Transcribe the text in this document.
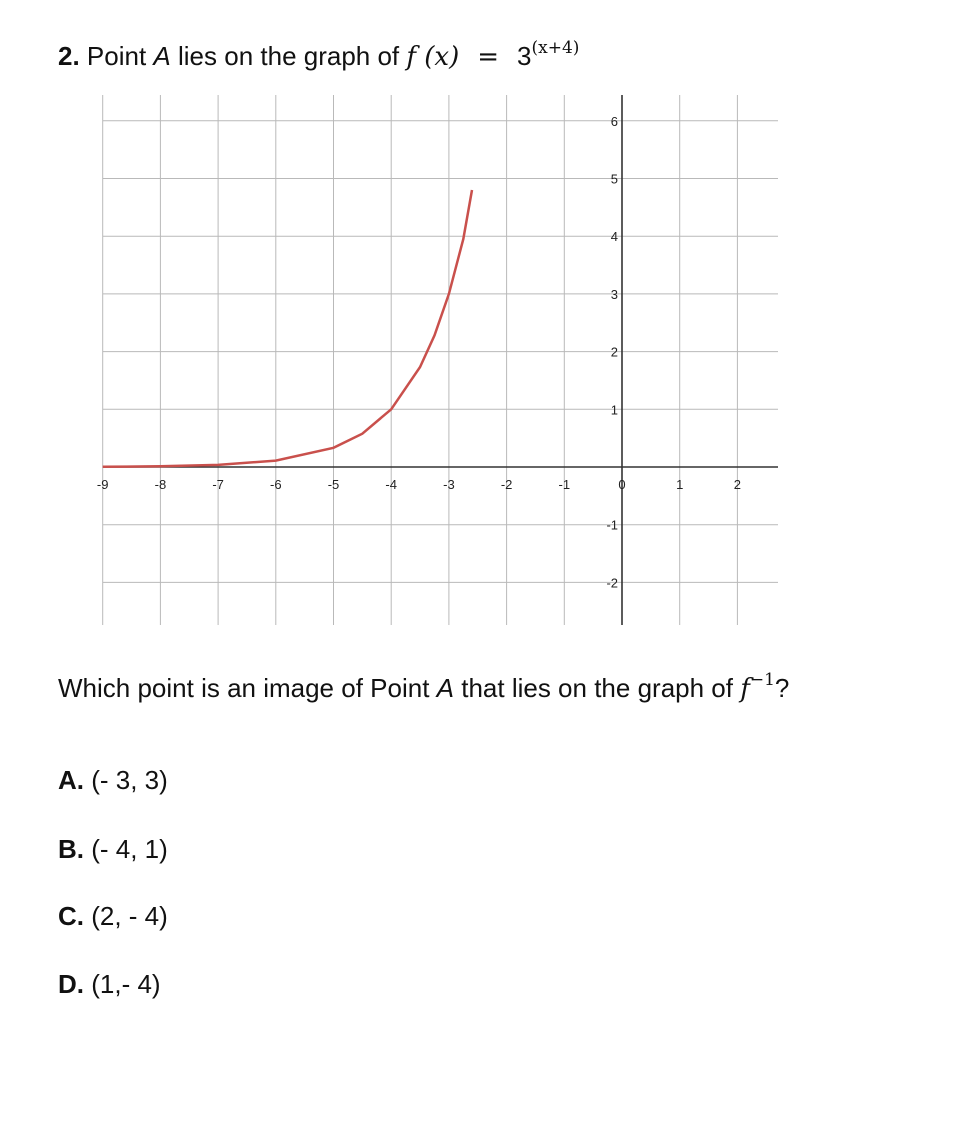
2. Point A lies on the graph of f $(x) = 3^{(x+4)}$
-9	-8	-7	-6	-5	-4	-3	-2	-1	0	1	2
6
5
4
3
2
1
-1
-2
Which point is an image of Point A that lies on the graph of $f^{-1}$?
A. (- 3, 3)
B. (- 4, 1)
C. (2, - 4)
D. (1,- 4)
